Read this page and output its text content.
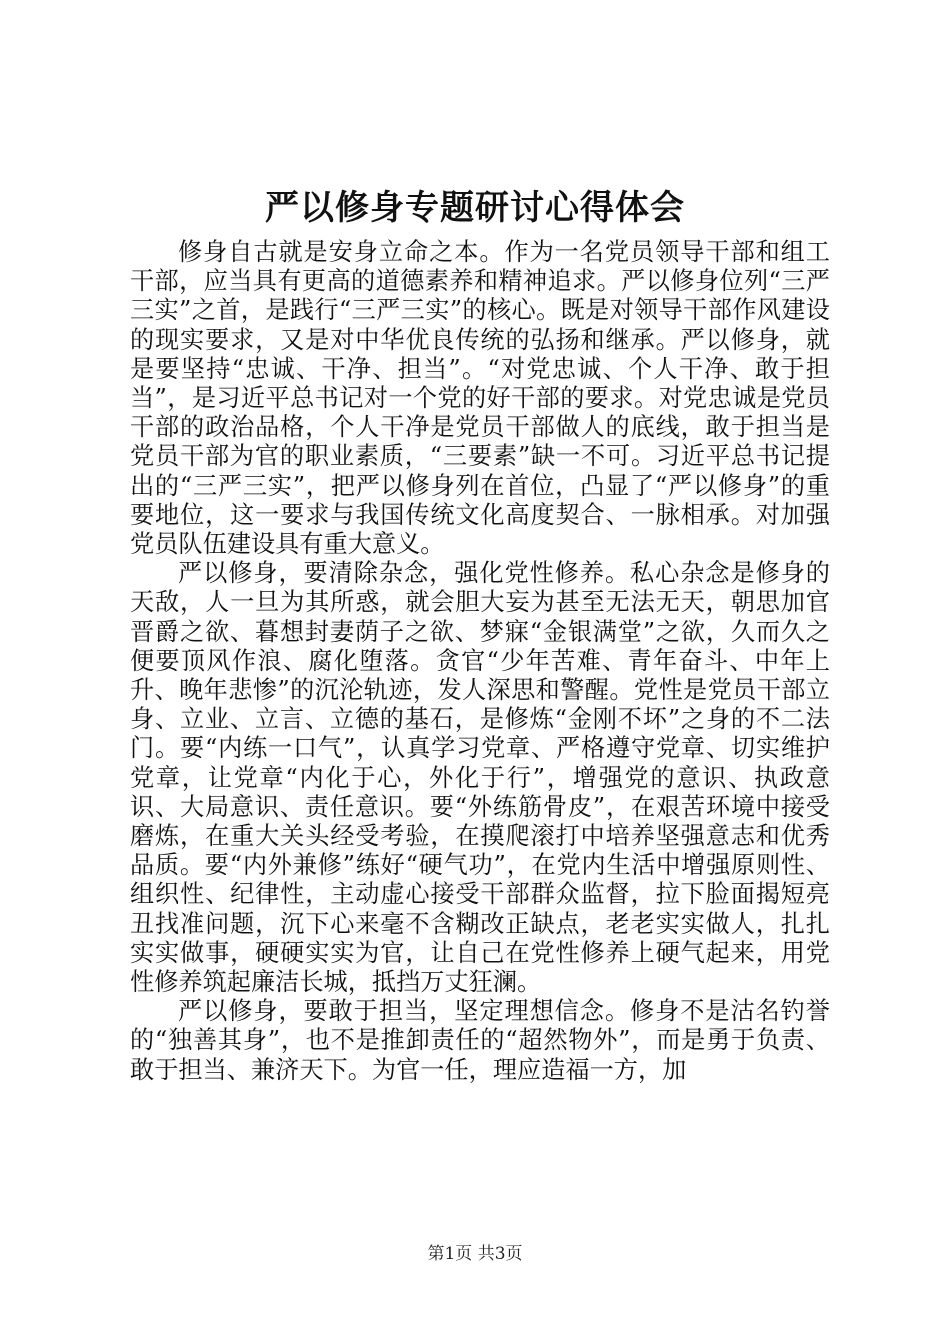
严以修身专题研讨心得体会

修身自古就是安身立命之本。作为一名党员领导干部和组工干部，应当具有更高的道德素养和精神追求。严以修身位列“三严三实”之首，是践行“三严三实”的核心。既是对领导干部作风建设的现实要求，又是对中华优良传统的弘扬和继承。严以修身，就是要坚持“忠诚、干净、担当”。“对党忠诚、个人干净、敢于担当”，是习近平总书记对一个党的好干部的要求。对党忠诚是党员干部的政治品格，个人干净是党员干部做人的底线，敢于担当是党员干部为官的职业素质，“三要素”缺一不可。习近平总书记提出的“三严三实”，把严以修身列在首位，凸显了“严以修身”的重要地位，这一要求与我国传统文化高度契合、一脉相承。对加强党员队伍建设具有重大意义。

严以修身，要清除杂念，强化党性修养。私心杂念是修身的天敌，人一旦为其所惑，就会胆大妄为甚至无法无天，朝思加官晋爵之欲、暮想封妻荫子之欲、梦寐“金银满堂”之欲，久而久之便要顶风作浪、腐化堕落。贪官“少年苦难、青年奋斗、中年上升、晚年悲惨”的沉沦轨迹，发人深思和警醒。党性是党员干部立身、立业、立言、立德的基石，是修炼“金刚不坏”之身的不二法门。要“内练一口气”，认真学习党章、严格遵守党章、切实维护党章，让党章“内化于心，外化于行”，增强党的意识、执政意识、大局意识、责任意识。要“外练筋骨皮”，在艰苦环境中接受磨炼，在重大关头经受考验，在摸爬滚打中培养坚强意志和优秀品质。要“内外兼修”练好“硬气功”，在党内生活中增强原则性、组织性、纪律性，主动虚心接受干部群众监督，拉下脸面揭短亮丑找准问题，沉下心来毫不含糊改正缺点，老老实实做人，扎扎实实做事，硬硬实实为官，让自己在党性修养上硬气起来，用党性修养筑起廉洁长城，抵挡万丈狂澜。

严以修身，要敢于担当，坚定理想信念。修身不是沽名钓誉的“独善其身”，也不是推卸责任的“超然物外”，而是勇于负责、敢于担当、兼济天下。为官一任，理应造福一方，加

第1页 共3页
